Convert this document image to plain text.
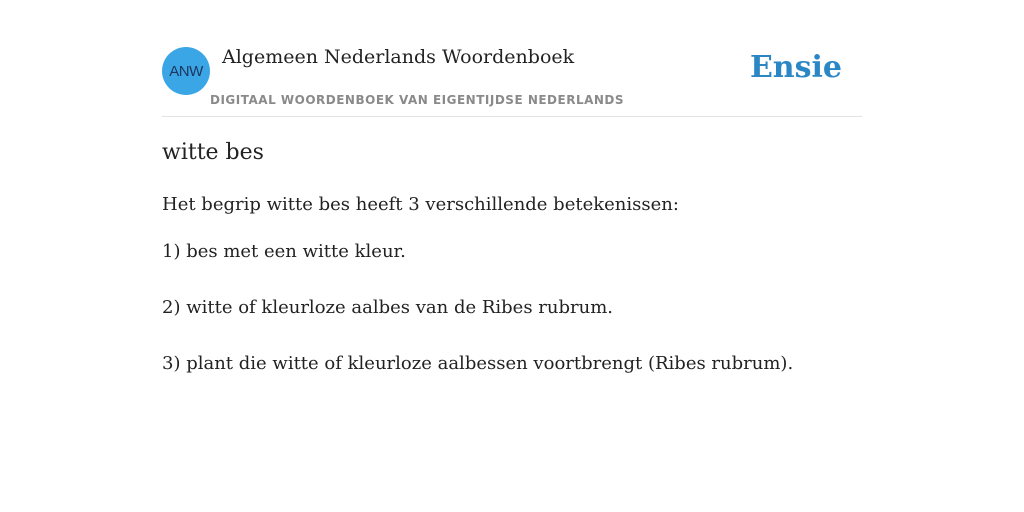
ANW
Algemeen Nederlands Woordenboek
DIGITAAL WOORDENBOEK VAN EIGENTIJDSE NEDERLANDS
Ensie
witte bes
Het begrip witte bes heeft 3 verschillende betekenissen:
1) bes met een witte kleur.
2) witte of kleurloze aalbes van de Ribes rubrum.
3) plant die witte of kleurloze aalbessen voortbrengt (Ribes rubrum).
